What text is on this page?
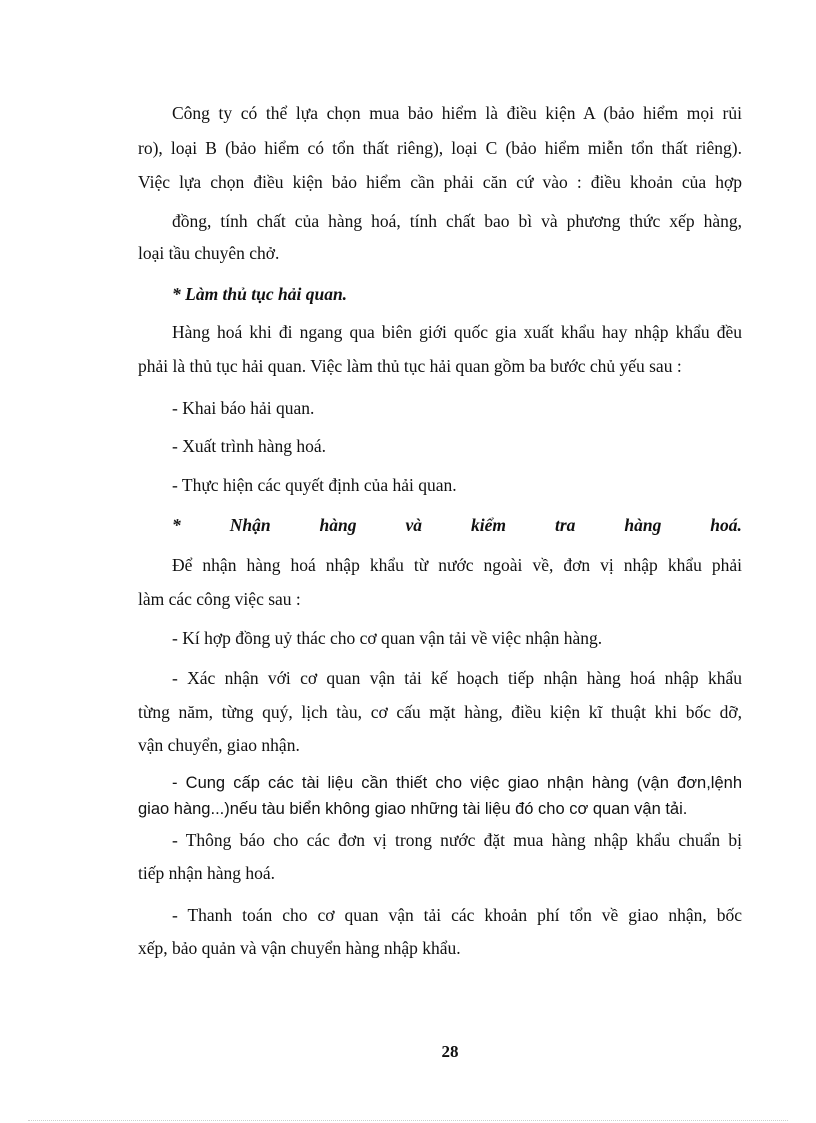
Công ty có thể lựa chọn mua bảo hiểm là điều kiện A (bảo hiểm mọi rủi
ro), loại B (bảo hiểm có tổn thất riêng), loại C (bảo hiểm miễn tổn thất riêng).
Việc lựa chọn điều kiện bảo hiểm cần phải căn cứ vào : điều khoản của hợp
đồng, tính chất của hàng hoá, tính chất bao bì và phương thức xếp hàng,
loại tầu chuyên chở.
* Làm thủ tục hải quan.
Hàng hoá khi đi ngang qua biên giới quốc gia xuất khẩu hay nhập khẩu đều
phải là thủ tục hải quan. Việc làm thủ tục hải quan gồm ba bước chủ yếu sau :
- Khai báo hải quan.
- Xuất trình hàng hoá.
- Thực hiện các quyết định của hải quan.
*	Nhận	hàng	và	kiểm	tra	hàng	hoá.
Để nhận hàng hoá nhập khẩu từ nước ngoài về, đơn vị nhập khẩu phải
làm các công việc sau :
- Kí hợp đồng uỷ thác cho cơ quan vận tải về việc nhận hàng.
- Xác nhận với cơ quan vận tải kế hoạch tiếp nhận hàng hoá nhập khẩu
từng năm, từng quý, lịch tàu, cơ cấu mặt hàng, điều kiện kĩ thuật khi bốc dỡ,
vận chuyển, giao nhận.
- Cung cấp các tài liệu cần thiết cho việc giao nhận hàng (vận đơn,lệnh
giao hàng...)nếu tàu biển không giao những tài liệu đó cho cơ quan vận tải.
- Thông báo cho các đơn vị trong nước đặt mua hàng nhập khẩu chuẩn bị
tiếp nhận hàng hoá.
- Thanh toán cho cơ quan vận tải các khoản phí tổn về giao nhận, bốc
xếp, bảo quản và vận chuyển hàng nhập khẩu.
28
